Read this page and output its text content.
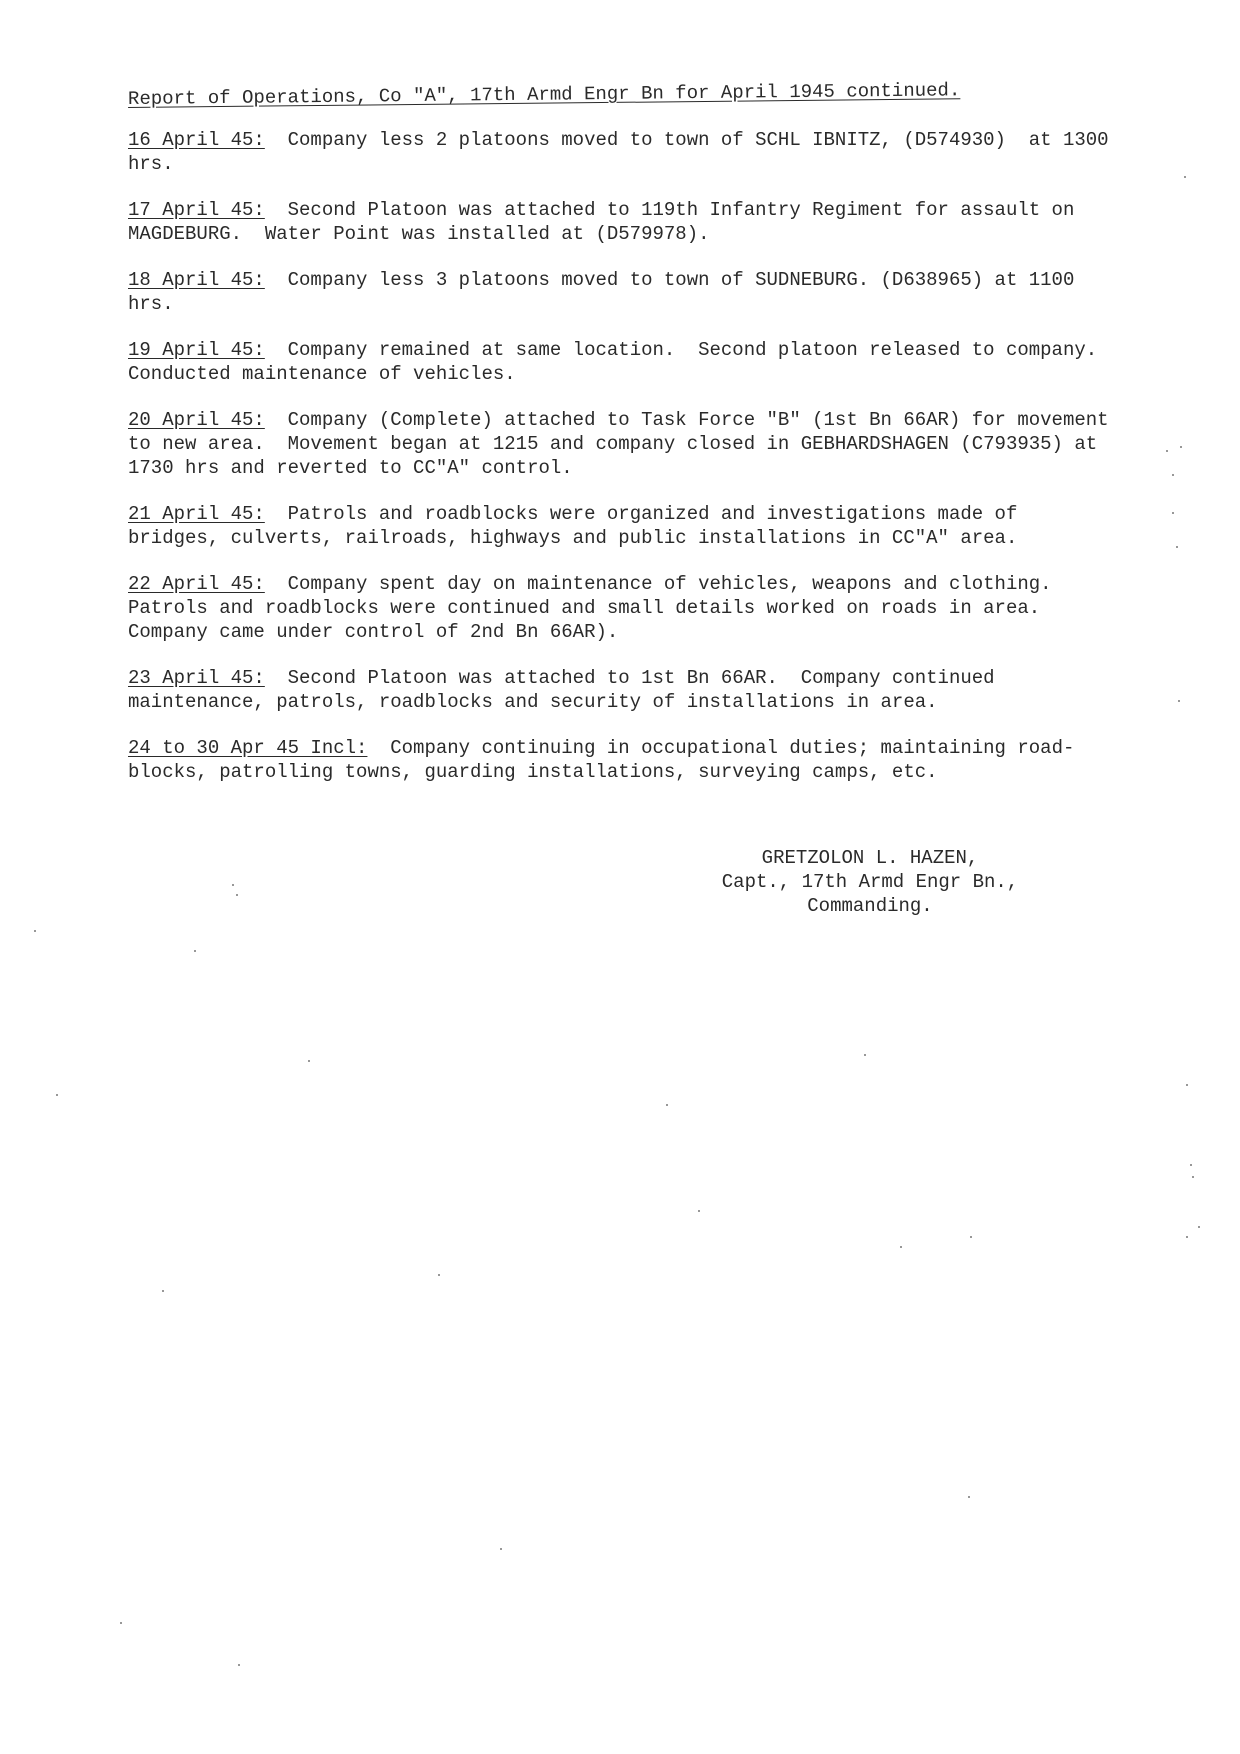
Report of Operations, Co "A", 17th Armd Engr Bn for April 1945 continued.
16 April 45:  Company less 2 platoons moved to town of SCHL IBNITZ, (D574930)  at 1300 hrs.
17 April 45:  Second Platoon was attached to 119th Infantry Regiment for assault on MAGDEBURG.  Water Point was installed at (D579978).
18 April 45:  Company less 3 platoons moved to town of SUDNEBURG. (D638965) at 1100 hrs.
19 April 45:  Company remained at same location.  Second platoon released to company. Conducted maintenance of vehicles.
20 April 45:  Company (Complete) attached to Task Force "B" (1st Bn 66AR) for movement to new area.  Movement began at 1215 and company closed in GEBHARDSHAGEN (C793935) at 1730 hrs and reverted to CC"A" control.
21 April 45:  Patrols and roadblocks were organized and investigations made of bridges, culverts, railroads, highways and public installations in CC"A" area.
22 April 45:  Company spent day on maintenance of vehicles, weapons and clothing. Patrols and roadblocks were continued and small details worked on roads in area. Company came under control of 2nd Bn 66AR).
23 April 45:  Second Platoon was attached to 1st Bn 66AR.  Company continued maintenance, patrols, roadblocks and security of installations in area.
24 to 30 Apr 45 Incl:  Company continuing in occupational duties; maintaining road-blocks, patrolling towns, guarding installations, surveying camps, etc.
GRETZOLON L. HAZEN,
Capt., 17th Armd Engr Bn.,
Commanding.
